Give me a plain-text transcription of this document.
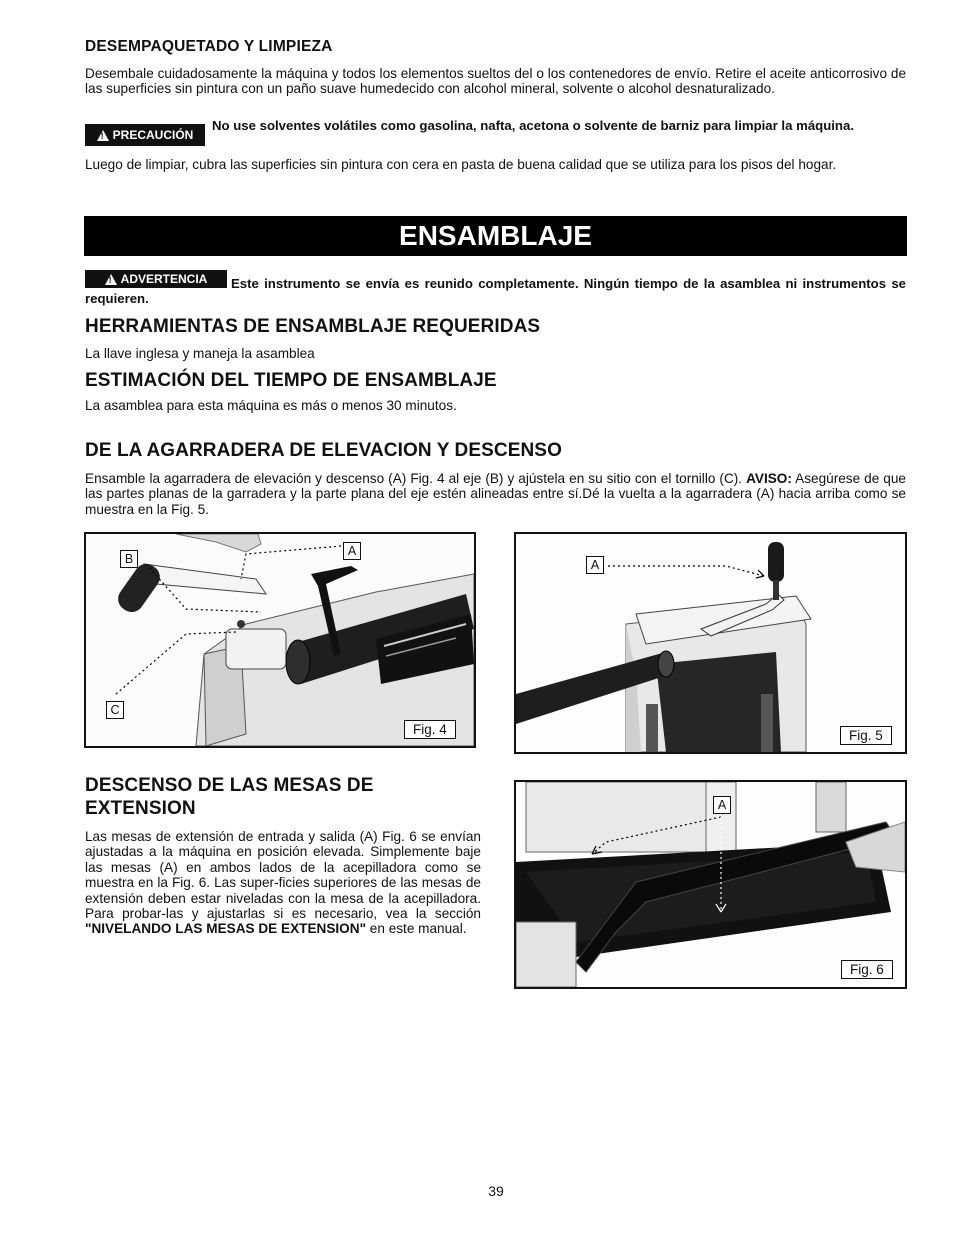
DESEMPAQUETADO Y LIMPIEZA
Desembale cuidadosamente la máquina y todos los elementos sueltos del o los contenedores de envío. Retire el aceite anticorrosivo de las superficies sin pintura con un paño suave humedecido con alcohol mineral, solvente o alcohol desnaturalizado.
!
PRECAUCIÓN
No use solventes volátiles como gasolina, nafta, acetona o solvente de barniz para limpiar la máquina.
Luego de limpiar, cubra las superficies sin pintura con cera en pasta de buena calidad que se utiliza para los pisos del hogar.
ENSAMBLAJE
!
ADVERTENCIA	Este instrumento se envía es reunido completamente. Ningún tiempo de la asamblea ni instrumentos se requieren.
HERRAMIENTAS DE ENSAMBLAJE REQUERIDAS
La llave inglesa y maneja la asamblea
ESTIMACIÓN DEL TIEMPO DE ENSAMBLAJE
La asamblea para esta máquina es más o menos 30 minutos.
DE LA AGARRADERA DE ELEVACION Y DESCENSO
Ensamble la agarradera de elevación y descenso (A) Fig. 4 al eje (B) y ajústela en su sitio con el tornillo (C). AVISO: Asegúrese de que las partes planas de la garradera y la parte plana del eje estén alineadas entre sí.Dé la vuelta a la agarradera (A) hacia arriba como se muestra en la Fig. 5.
B
A
C
Fig. 4
A
Fig. 5
DESCENSO DE LAS MESAS DE
EXTENSION
Las mesas de extensión de entrada y salida (A) Fig. 6 se envían ajustadas a la máquina en posición elevada. Simplemente baje las mesas (A) en ambos lados de la acepilladora como se muestra en la Fig. 6. Las super-ficies superiores de las mesas de extensión deben estar niveladas con la mesa de la acepilladora. Para probar-las y ajustarlas si es necesario, vea la sección "NIVELANDO LAS MESAS DE EXTENSION" en este manual.
A
Fig. 6
39
